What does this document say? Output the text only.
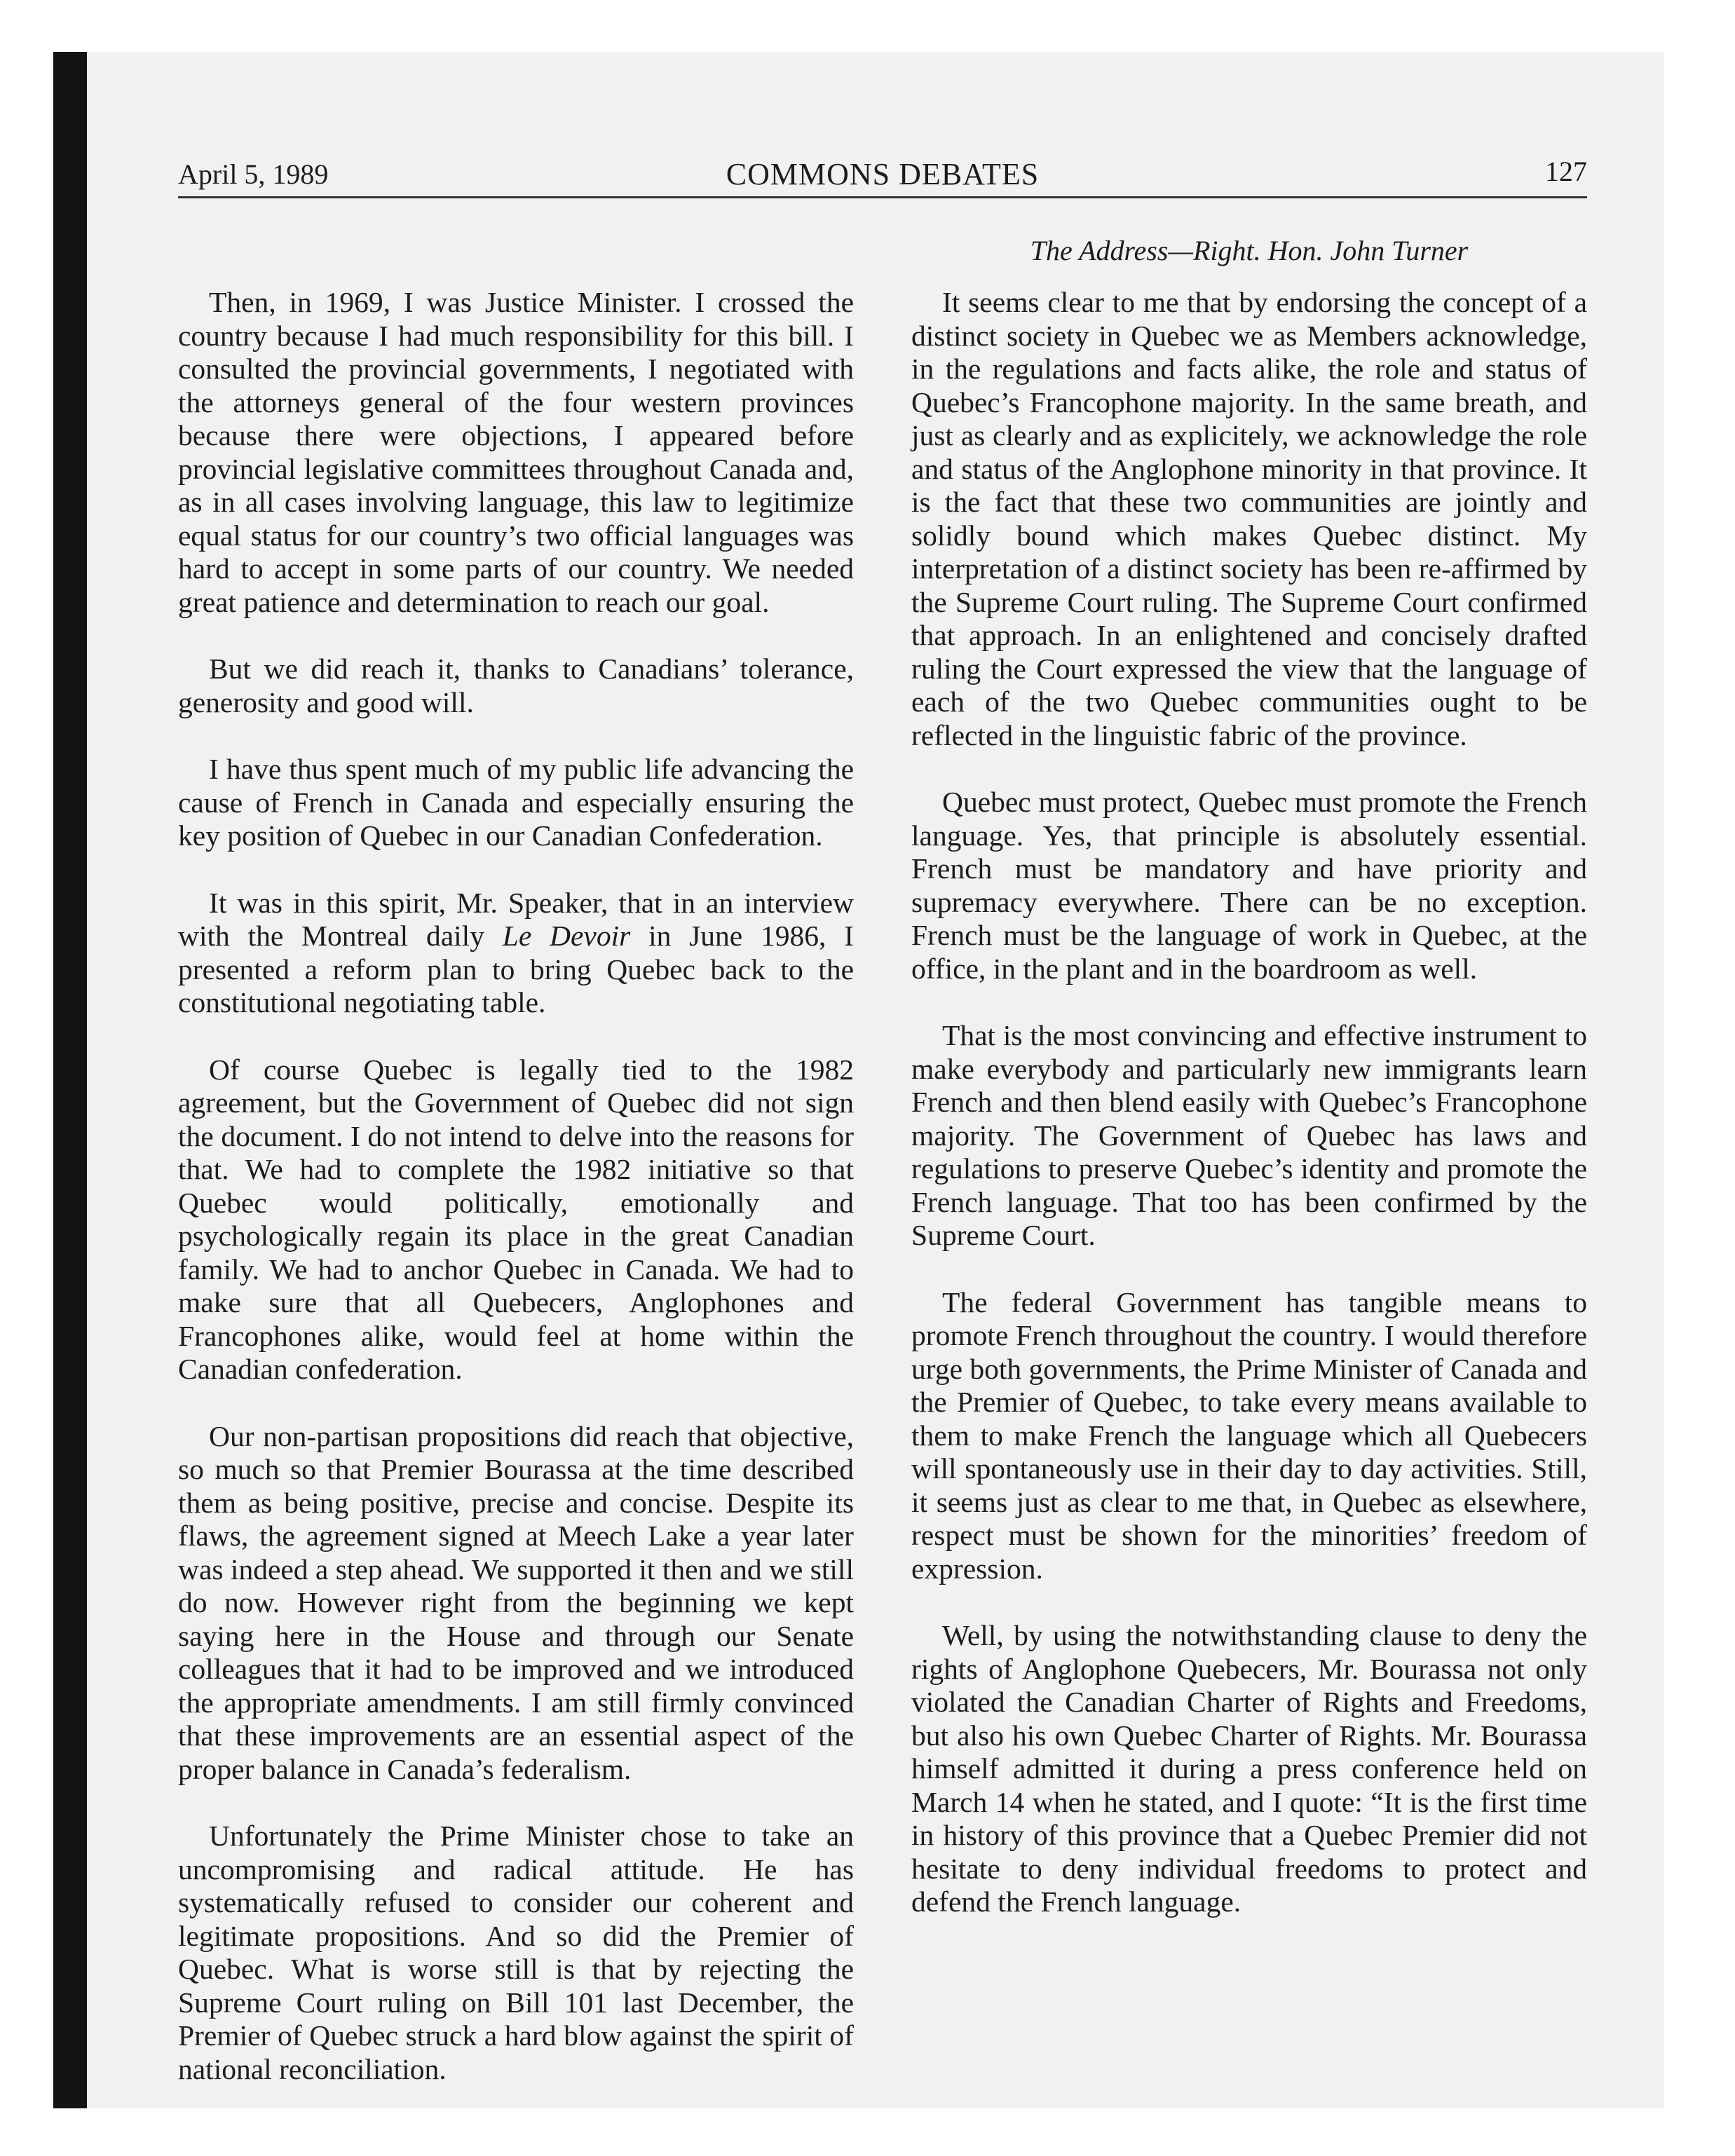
April 5, 1989	COMMONS DEBATES	127
The Address—Right. Hon. John Turner

Then, in 1969, I was Justice Minister. I crossed the country because I had much responsibility for this bill. I consulted the provincial governments, I negotiated with the attorneys general of the four western provinces because there were objections, I appeared before provincial legislative committees throughout Canada and, as in all cases involving language, this law to legitimize equal status for our country’s two official languages was hard to accept in some parts of our country. We needed great patience and determination to reach our goal.

But we did reach it, thanks to Canadians’ tolerance, generosity and good will.

I have thus spent much of my public life advancing the cause of French in Canada and especially ensuring the key position of Quebec in our Canadian Confederation.

It was in this spirit, Mr. Speaker, that in an interview with the Montreal daily Le Devoir in June 1986, I presented a reform plan to bring Quebec back to the constitutional negotiating table.

Of course Quebec is legally tied to the 1982 agreement, but the Government of Quebec did not sign the document. I do not intend to delve into the reasons for that. We had to complete the 1982 initiative so that Quebec would politically, emotionally and psychologically regain its place in the great Canadian family. We had to anchor Quebec in Canada. We had to make sure that all Quebecers, Anglophones and Francophones alike, would feel at home within the Canadian confederation.

Our non-partisan propositions did reach that objective, so much so that Premier Bourassa at the time described them as being positive, precise and concise. Despite its flaws, the agreement signed at Meech Lake a year later was indeed a step ahead. We supported it then and we still do now. However right from the beginning we kept saying here in the House and through our Senate colleagues that it had to be improved and we introduced the appropriate amendments. I am still firmly convinced that these improvements are an essential aspect of the proper balance in Canada’s federalism.

Unfortunately the Prime Minister chose to take an uncompromising and radical attitude. He has systematically refused to consider our coherent and legitimate propositions. And so did the Premier of Quebec. What is worse still is that by rejecting the Supreme Court ruling on Bill 101 last December, the Premier of Quebec struck a hard blow against the spirit of national reconciliation.

It seems clear to me that by endorsing the concept of a distinct society in Quebec we as Members acknowledge, in the regulations and facts alike, the role and status of Quebec’s Francophone majority. In the same breath, and just as clearly and as explicitely, we acknowledge the role and status of the Anglophone minority in that province. It is the fact that these two communities are jointly and solidly bound which makes Quebec distinct. My interpretation of a distinct society has been re-affirmed by the Supreme Court ruling. The Supreme Court confirmed that approach. In an enlightened and concisely drafted ruling the Court expressed the view that the language of each of the two Quebec communities ought to be reflected in the linguistic fabric of the province.

Quebec must protect, Quebec must promote the French language. Yes, that principle is absolutely essential. French must be mandatory and have priority and supremacy everywhere. There can be no exception. French must be the language of work in Quebec, at the office, in the plant and in the boardroom as well.

That is the most convincing and effective instrument to make everybody and particularly new immigrants learn French and then blend easily with Quebec’s Francophone majority. The Government of Quebec has laws and regulations to preserve Quebec’s identity and promote the French language. That too has been confirmed by the Supreme Court.

The federal Government has tangible means to promote French throughout the country. I would therefore urge both governments, the Prime Minister of Canada and the Premier of Quebec, to take every means available to them to make French the language which all Quebecers will spontaneously use in their day to day activities. Still, it seems just as clear to me that, in Quebec as elsewhere, respect must be shown for the minorities’ freedom of expression.

Well, by using the notwithstanding clause to deny the rights of Anglophone Quebecers, Mr. Bourassa not only violated the Canadian Charter of Rights and Freedoms, but also his own Quebec Charter of Rights. Mr. Bourassa himself admitted it during a press conference held on March 14 when he stated, and I quote: “It is the first time in history of this province that a Quebec Premier did not hesitate to deny individual freedoms to protect and defend the French language.
